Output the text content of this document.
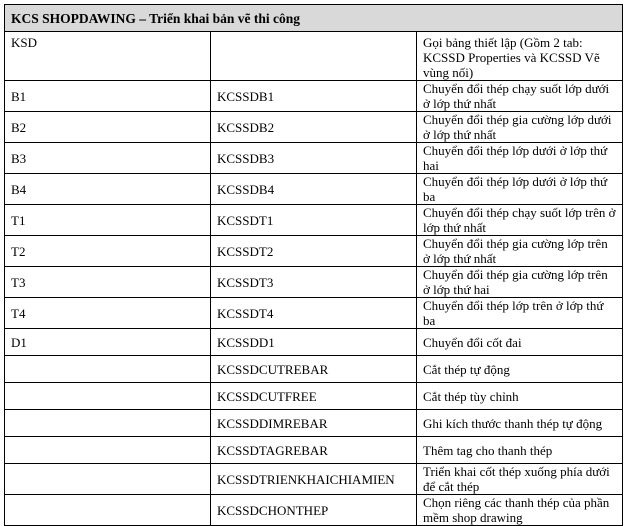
KCS SHOPDAWING – Triển khai bản vẽ thi công		
KSD		Gọi bảng thiết lập (Gồm 2 tab: KCSSD Properties và KCSSD Vẽ vùng nối)
B1	KCSSDB1	Chuyển đổi thép chạy suốt lớp dưới ở lớp thứ nhất
B2	KCSSDB2	Chuyển đổi thép gia cường lớp dưới ở lớp thứ nhất
B3	KCSSDB3	Chuyển đổi thép lớp dưới ở lớp thứ hai
B4	KCSSDB4	Chuyển đổi thép lớp dưới ở lớp thứ ba
T1	KCSSDT1	Chuyển đổi thép chạy suốt lớp trên ở lớp thứ nhất
T2	KCSSDT2	Chuyển đổi thép gia cường lớp trên ở lớp thứ nhất
T3	KCSSDT3	Chuyển đổi thép gia cường lớp trên ở lớp thứ hai
T4	KCSSDT4	Chuyển đổi thép lớp trên ở lớp thứ ba
D1	KCSSDD1	Chuyển đổi cốt đai
	KCSSDCUTREBAR	Cắt thép tự động
	KCSSDCUTFREE	Cắt thép tùy chỉnh
	KCSSDDIMREBAR	Ghi kích thước thanh thép tự động
	KCSSDTAGREBAR	Thêm tag cho thanh thép
	KCSSDTRIENKHAICHIAMIEN	Triển khai cốt thép xuống phía dưới để cắt thép
	KCSSDCHONTHEP	Chọn riêng các thanh thép của phần mềm shop drawing
